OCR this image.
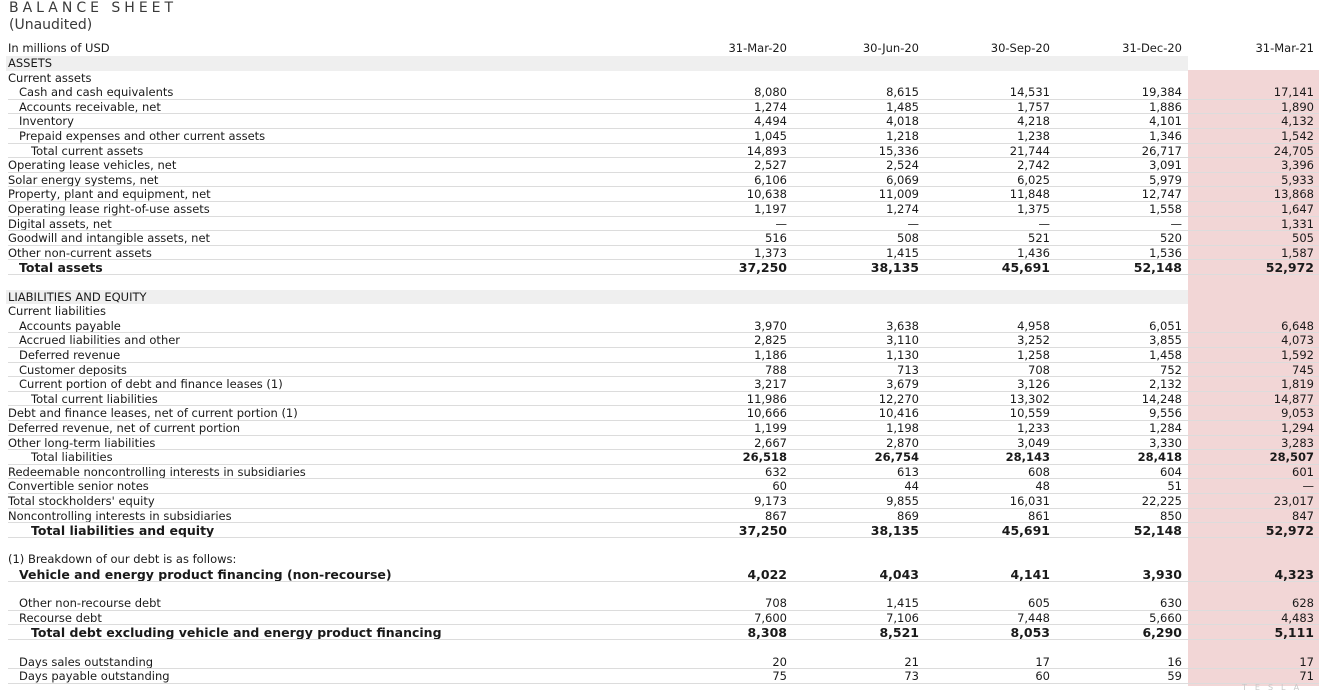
BALANCE SHEET
(Unaudited)
In millions of USD	31-Mar-20	30-Jun-20	30-Sep-20	31-Dec-20	31-Mar-21
ASSETS
Current assets
Cash and cash equivalents	8,080	8,615	14,531	19,384	17,141
Accounts receivable, net	1,274	1,485	1,757	1,886	1,890
Inventory	4,494	4,018	4,218	4,101	4,132
Prepaid expenses and other current assets	1,045	1,218	1,238	1,346	1,542
Total current assets	14,893	15,336	21,744	26,717	24,705
Operating lease vehicles, net	2,527	2,524	2,742	3,091	3,396
Solar energy systems, net	6,106	6,069	6,025	5,979	5,933
Property, plant and equipment, net	10,638	11,009	11,848	12,747	13,868
Operating lease right-of-use assets	1,197	1,274	1,375	1,558	1,647
Digital assets, net	—	—	—	—	1,331
Goodwill and intangible assets, net	516	508	521	520	505
Other non-current assets	1,373	1,415	1,436	1,536	1,587
Total assets	37,250	38,135	45,691	52,148	52,972
LIABILITIES AND EQUITY
Current liabilities
Accounts payable	3,970	3,638	4,958	6,051	6,648
Accrued liabilities and other	2,825	3,110	3,252	3,855	4,073
Deferred revenue	1,186	1,130	1,258	1,458	1,592
Customer deposits	788	713	708	752	745
Current portion of debt and finance leases (1)	3,217	3,679	3,126	2,132	1,819
Total current liabilities	11,986	12,270	13,302	14,248	14,877
Debt and finance leases, net of current portion (1)	10,666	10,416	10,559	9,556	9,053
Deferred revenue, net of current portion	1,199	1,198	1,233	1,284	1,294
Other long-term liabilities	2,667	2,870	3,049	3,330	3,283
Total liabilities	26,518	26,754	28,143	28,418	28,507
Redeemable noncontrolling interests in subsidiaries	632	613	608	604	601
Convertible senior notes	60	44	48	51	—
Total stockholders' equity	9,173	9,855	16,031	22,225	23,017
Noncontrolling interests in subsidiaries	867	869	861	850	847
Total liabilities and equity	37,250	38,135	45,691	52,148	52,972
(1) Breakdown of our debt is as follows:
Vehicle and energy product financing (non-recourse)	4,022	4,043	4,141	3,930	4,323
Other non-recourse debt	708	1,415	605	630	628
Recourse debt	7,600	7,106	7,448	5,660	4,483
Total debt excluding vehicle and energy product financing	8,308	8,521	8,053	6,290	5,111
Days sales outstanding	20	21	17	16	17
Days payable outstanding	75	73	60	59	71
TESLA
